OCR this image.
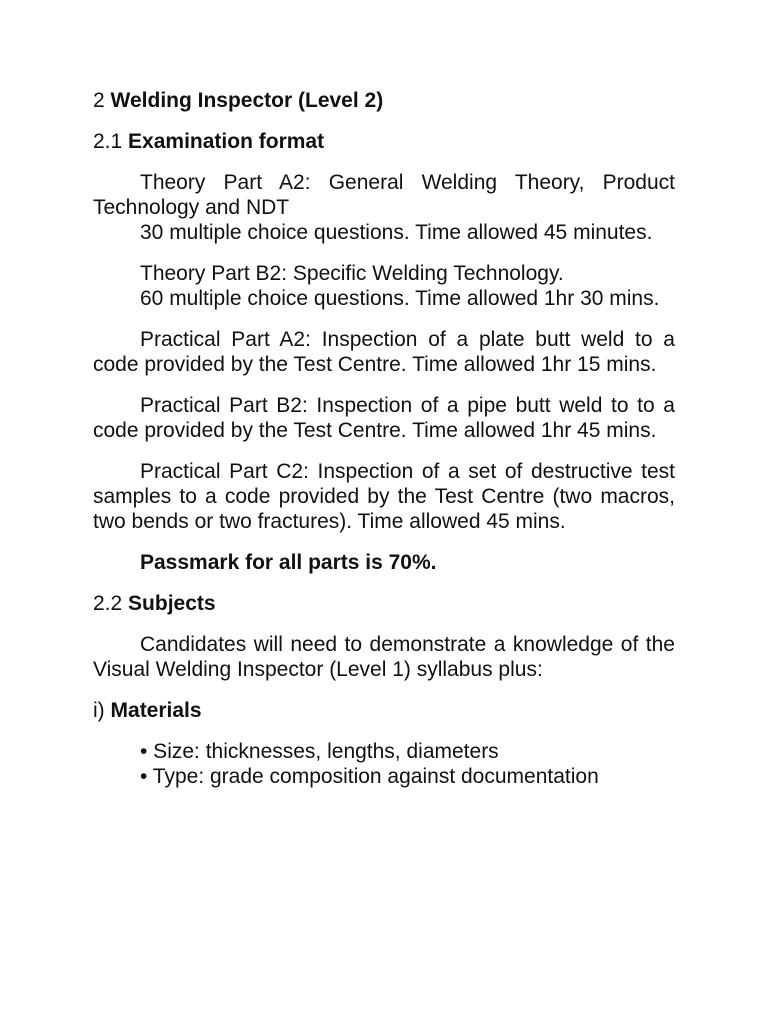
2 Welding Inspector (Level 2)
2.1 Examination format

Theory Part A2: General Welding Theory, Product Technology and NDT

30 multiple choice questions. Time allowed 45 minutes.

Theory Part B2: Specific Welding Technology.

60 multiple choice questions. Time allowed 1hr 30 mins.

Practical Part A2: Inspection of a plate butt weld to a code provided by the Test Centre. Time allowed 1hr 15 mins.

Practical Part B2: Inspection of a pipe butt weld to to a code provided by the Test Centre. Time allowed 1hr 45 mins.

Practical Part C2: Inspection of a set of destructive test samples to a code provided by the Test Centre (two macros, two bends or two fractures). Time allowed 45 mins.

Passmark for all parts is 70%.

2.2 Subjects

Candidates will need to demonstrate a knowledge of the Visual Welding Inspector (Level 1) syllabus plus:

i) Materials
• Size: thicknesses, lengths, diameters
• Type: grade composition against documentation
